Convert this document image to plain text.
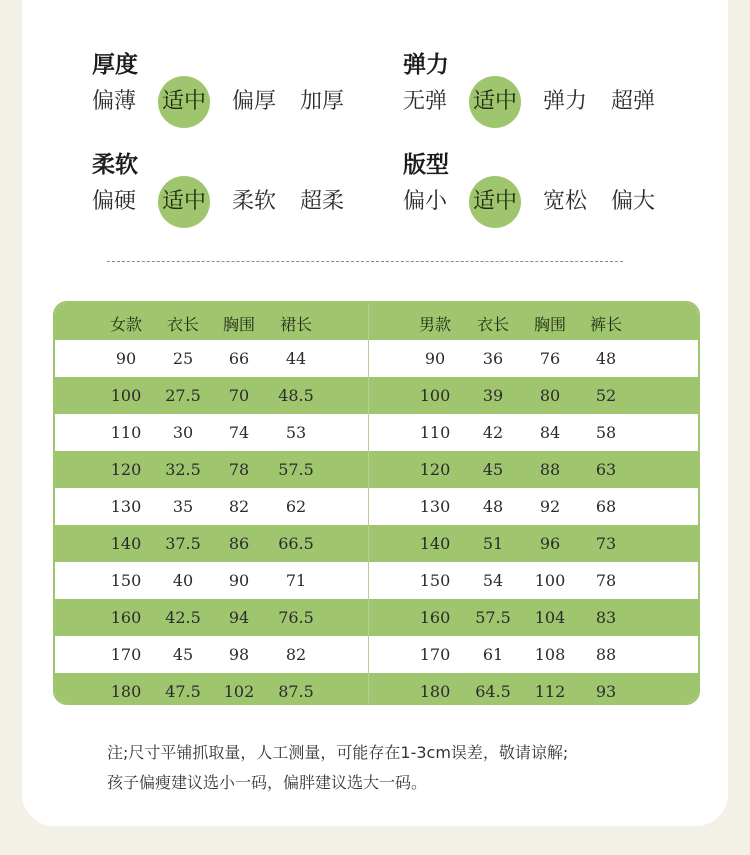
厚度
偏薄 适中 偏厚 加厚
弹力
无弹 适中 弹力 超弹
柔软
偏硬 适中 柔软 超柔
版型
偏小 适中 宽松 偏大
女款	衣长	胸围	裙长	男款	衣长	胸围	裤长
90	25	66	44	90	36	76	48
100	27.5	70	48.5	100	39	80	52
110	30	74	53	110	42	84	58
120	32.5	78	57.5	120	45	88	63
130	35	82	62	130	48	92	68
140	37.5	86	66.5	140	51	96	73
150	40	90	71	150	54	100	78
160	42.5	94	76.5	160	57.5	104	83
170	45	98	82	170	61	108	88
180	47.5	102	87.5	180	64.5	112	93
注;尺寸平铺抓取量，人工测量，可能存在1-3cm误差，敬请谅解;
孩子偏瘦建议选小一码，偏胖建议选大一码。
